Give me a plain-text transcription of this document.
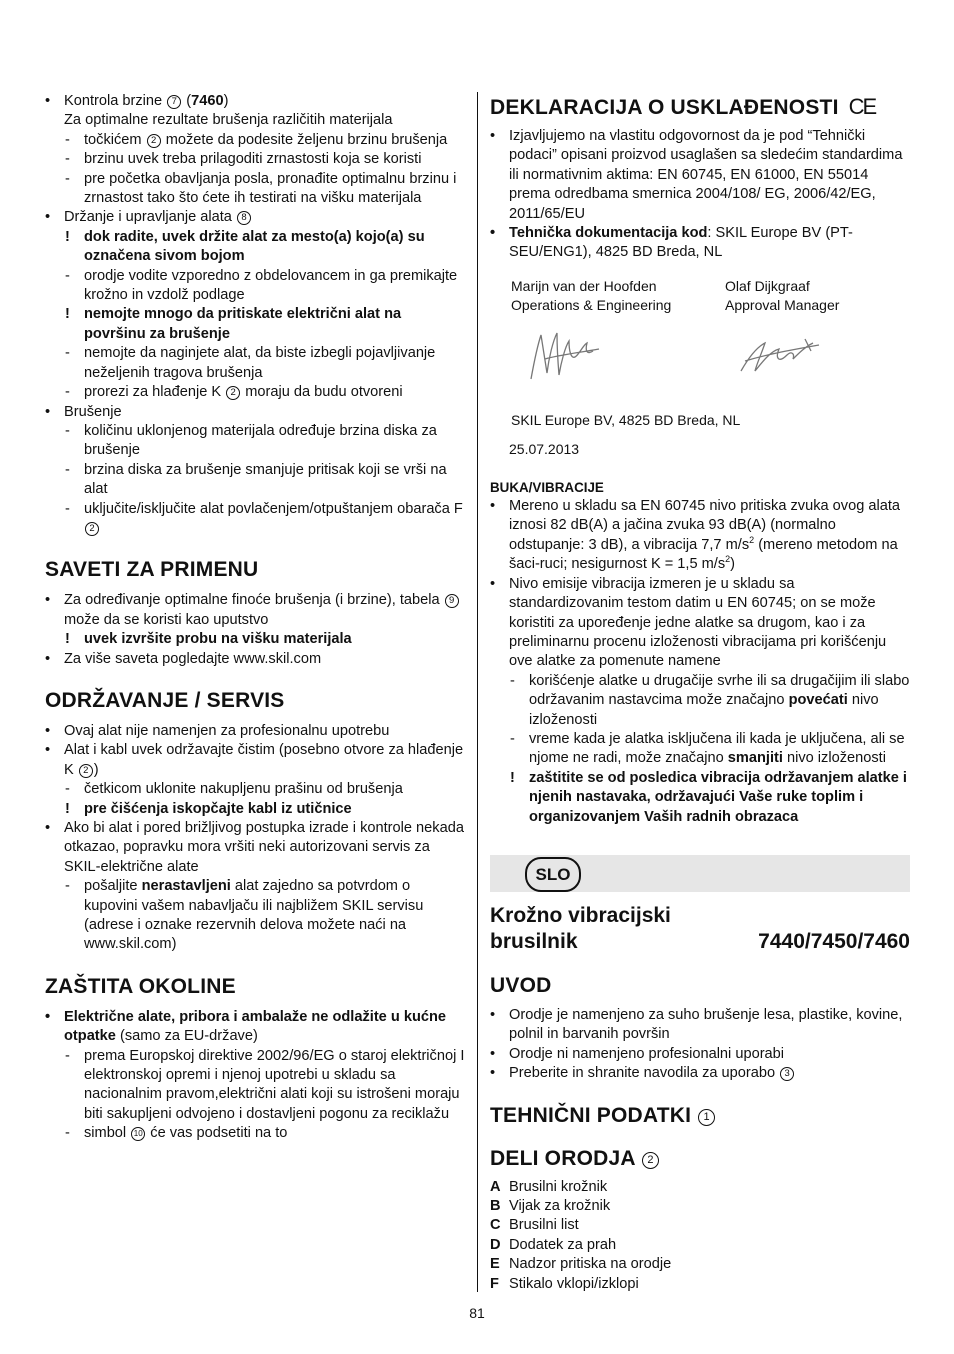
• Kontrola brzine 7 (7460)
Za optimalne rezultate brušenja različitih materijala
- točkićem 2 možete da podesite željenu brzinu brušenja
- brzinu uvek treba prilagoditi zrnastosti koja se koristi
- pre početka obavljanja posla, pronađite optimalnu brzinu i zrnastost tako što ćete ih testirati na višku materijala
• Držanje i upravljanje alata 8
! dok radite, uvek držite alat za mesto(a) kojo(a) su označena sivom bojom
- orodje vodite vzporedno z obdelovancem in ga premikajte krožno in vzdolž podlage
! nemojte mnogo da pritiskate električni alat na površinu za brušenje
- nemojte da naginjete alat, da biste izbegli pojavljivanje neželjenih tragova brušenja
- prorezi za hlađenje K 2 moraju da budu otvoreni
• Brušenje
- količinu uklonjenog materijala određuje brzina diska za brušenje
- brzina diska za brušenje smanjuje pritisak koji se vrši na alat
- uključite/isključite alat povlačenjem/otpuštanjem obarača F 2
SAVETI ZA PRIMENU
• Za određivanje optimalne finoće brušenja (i brzine), tabela 9 može da se koristi kao uputstvo
! uvek izvršite probu na višku materijala
• Za više saveta pogledajte www.skil.com
ODRŽAVANJE / SERVIS
• Ovaj alat nije namenjen za profesionalnu upotrebu
• Alat i kabl uvek održavajte čistim (posebno otvore za hlađenje K 2 )
- četkicom uklonite nakupljenu prašinu od brušenja
! pre čišćenja iskopčajte kabl iz utičnice
• Ako bi alat i pored brižljivog postupka izrade i kontrole nekada otkazao, popravku mora vršiti neki autorizovani servis za SKIL-električne alate
- pošaljite nerastavljeni alat zajedno sa potvrdom o kupovini vašem nabavljaču ili najbližem SKIL servisu (adrese i oznake rezervnih delova možete naći na www.skil.com)
ZAŠTITA OKOLINE
• Električne alate, pribora i ambalaže ne odlažite u kućne otpatke (samo za EU-države)
- prema Europskoj direktive 2002/96/EG o staroj električnoj I elektronskoj opremi i njenoj upotrebi u skladu sa nacionalnim pravom,električni alati koji su istrošeni moraju biti sakupljeni odvojeno i dostavljeni pogonu za reciklažu
- simbol 10 će vas podsetiti na to
DEKLARACIJA O USKLAĐENOSTI CE
• Izjavljujemo na vlastitu odgovornost da je pod “Tehnički podaci” opisani proizvod usaglašen sa sledećim standardima ili normativnim aktima: EN 60745, EN 61000, EN 55014 prema odredbama smernica 2004/108/ EG, 2006/42/EG, 2011/65/EU
• Tehnička dokumentacija kod: SKIL Europe BV (PT-SEU/ENG1), 4825 BD Breda, NL
Marijn van der Hoofden
Operations & Engineering
Olaf Dijkgraaf
Approval Manager
SKIL Europe BV, 4825 BD Breda, NL
25.07.2013
BUKA/VIBRACIJE
• Mereno u skladu sa EN 60745 nivo pritiska zvuka ovog alata iznosi 82 dB(A) a jačina zvuka 93 dB(A) (normalno odstupanje: 3 dB), a vibracija 7,7 $m/s^2$ (mereno metodom na šaci-ruci; nesigurnost K = 1,5 $m/s^2$)
• Nivo emisije vibracija izmeren je u skladu sa standardizovanim testom datim u EN 60745; on se može koristiti za upoređenje jedne alatke sa drugom, kao i za preliminarnu procenu izloženosti vibracijama pri korišćenju ove alatke za pomenute namene
- korišćenje alatke u drugačije svrhe ili sa drugačijim ili slabo održavanim nastavcima može značajno povećati nivo izloženosti
- vreme kada je alatka isključena ili kada je uključena, ali se njome ne radi, može značajno smanjiti nivo izloženosti
! zaštitite se od posledica vibracija održavanjem alatke i njenih nastavaka, održavajući Vaše ruke toplim i organizovanjem Vaših radnih obrazaca
SLO
Krožno vibracijski
brusilnik	7440/7450/7460
UVOD
• Orodje je namenjeno za suho brušenje lesa, plastike, kovine, polnil in barvanih površin
• Orodje ni namenjeno profesionalni uporabi
• Preberite in shranite navodila za uporabo 3
TEHNIČNI PODATKI 1
DELI ORODJA 2
A Brusilni krožnik
B Vijak za krožnik
C Brusilni list
D Dodatek za prah
E Nadzor pritiska na orodje
F Stikalo vklopi/izklopi
81
